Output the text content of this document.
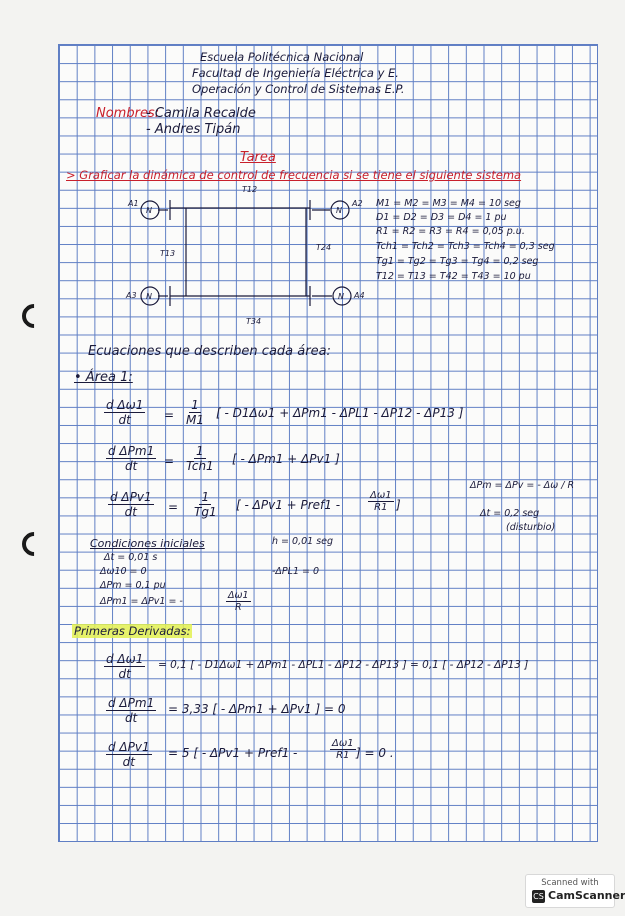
Escuela Politécnica Nacional
Facultad de Ingeniería Eléctrica y E.
Operación y Control de Sistemas E.P.
Nombres:
- Camila Recalde
- Andres Tipán
Tarea
> Graficar la dinámica de control de frecuencia si se tiene el siguiente sistema
N	N
N	N
A1	A2
A3	A4
T12
T13
T24
T34
M1 = M2 = M3 = M4 = 10 seg
D1 = D2 = D3 = D4 = 1 pu
R1 = R2 = R3 = R4 = 0,05 p.u.
Tch1 = Tch2 = Tch3 = Tch4 = 0,3 seg
Tg1 = Tg2 = Tg3 = Tg4 = 0,2 seg
T12 = T13 = T42 = T43 = 10 pu
Ecuaciones que describen cada área:
• Área 1:
$\frac{\text{d Δω1}}{dt} = \frac{1}{M1}$ [ - D1Δω1 + ΔPm1 - ΔPL1 - ΔP12 - ΔP13 ]
d ΔPm1
dt =
1
Tch1 [ - ΔPm1 + ΔPv1 ]
d ΔPv1
dt	= $\frac{1}{Tg1}$ [ - ΔPv1 + Pref1 -	$\frac{\Delta\omega 1}{R1}$ ]
ΔPm = ΔPv = - Δω / R
Δt = 0,2 seg
(disturbio)
Condiciones iniciales	h = 0,01 seg
Δt = 0,01 s
Δω10 = 0	-ΔPL1 = 0
ΔPm = 0,1 pu
ΔPm1 = ΔPv1 = -	$\frac{\Delta\omega 1}{R}$
Primeras Derivadas:
$\frac{\text{d Δω1}}{dt} = 0,1$ [ - D1Δω1 + ΔPm1 - ΔPL1 - ΔP12 - ΔP13 ] = 0,1 [ - ΔP12 - ΔP13 ]
d ΔPm1
dt
= 3,33 [ - ΔPm1 + ΔPv1 ] = 0
d ΔPv1
dt
= 5 [ - ΔPv1 + Pref1 -	$\frac{\Delta\omega 1}{R1}$ ] = 0 .
Scanned with
CS CamScanner
